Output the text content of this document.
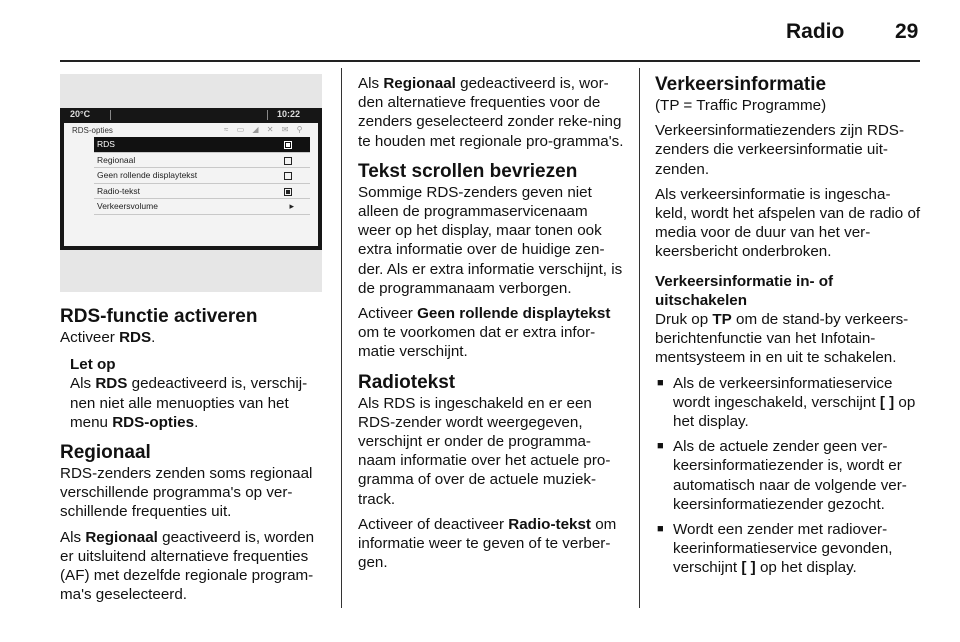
Radio 29
20°C	10:22
RDS-opties	≈ ▭ ◢ ✕ ✉ ⚲
RDS
Regionaal
Geen rollende displaytekst
Radio-tekst
Verkeersvolume	▸
RDS-functie activeren

Activeer RDS.

Let op
Als RDS gedeactiveerd is, verschij-nen niet alle menuopties van het menu RDS-opties.
Regionaal

RDS-zenders zenden soms regionaal verschillende programma's op ver-schillende frequenties uit.

Als Regionaal geactiveerd is, worden er uitsluitend alternatieve frequenties (AF) met dezelfde regionale program-ma's geselecteerd.

Als Regionaal gedeactiveerd is, wor-den alternatieve frequenties voor de zenders geselecteerd zonder reke-ning te houden met regionale pro-gramma's.

Tekst scrollen bevriezen

Sommige RDS-zenders geven niet alleen de programmaservicenaam weer op het display, maar tonen ook extra informatie over de huidige zen-der. Als er extra informatie verschijnt, is de programmanaam verborgen.

Activeer Geen rollende displaytekst om te voorkomen dat er extra infor-matie verschijnt.

Radiotekst

Als RDS is ingeschakeld en er een RDS-zender wordt weergegeven, verschijnt er onder de programma-naam informatie over het actuele pro-gramma of over de actuele muziek-track.

Activeer of deactiveer Radio-tekst om informatie weer te geven of te verber-gen.

Verkeersinformatie

(TP = Traffic Programme)

Verkeersinformatiezenders zijn RDS-zenders die verkeersinformatie uit-zenden.

Als verkeersinformatie is ingescha-keld, wordt het afspelen van de radio of media voor de duur van het ver-keersbericht onderbroken.

Verkeersinformatie in- of uitschakelen

Druk op TP om de stand-by verkeers-berichtenfunctie van het Infotain-mentsysteem in en uit te schakelen.

■ Als de verkeersinformatieservice wordt ingeschakeld, verschijnt [ ] op het display.
■ Als de actuele zender geen ver-keersinformatiezender is, wordt er automatisch naar de volgende ver-keersinformatiezender gezocht.
■ Wordt een zender met radiover-keerinformatieservice gevonden, verschijnt [ ] op het display.
